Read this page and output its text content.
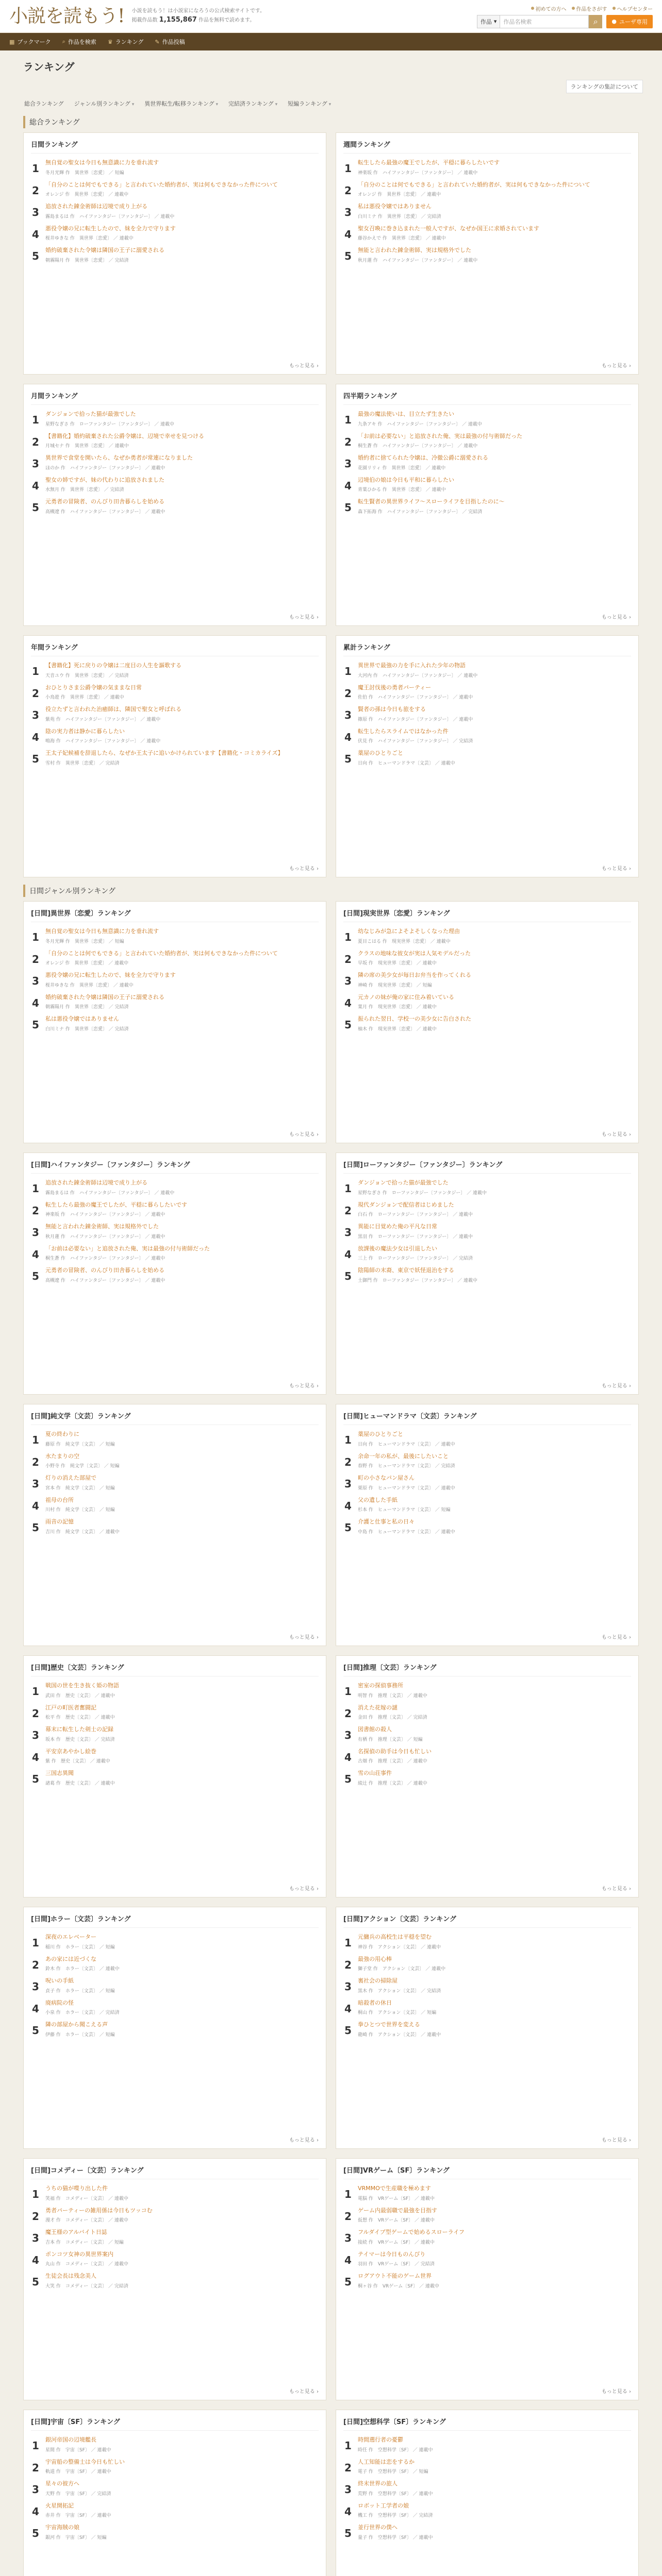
小説を読もう! 小説を読もう！は小説家になろうの公式検索サイトです。
掲載作品数 1,155,867 作品を無料で読めます。
初めての方へ 作品をさがす ヘルプセンター
作品 ▾	作品名検索	⌕ ● ユーザ専用
▦ ブックマーク ⌕ 作品を検索 ♛ ランキング ✎ 作品投稿
ランキング
ランキングの集計について
総合ランキング ジャンル別ランキング ▾	異世界転生/転移ランキング ▾	完結済ランキング ▾	短編ランキング ▾
総合ランキング
日間ランキング
1 無自覚の聖女は今日も無意識に力を垂れ流す
冬月光輝 作　異世界〔恋愛〕 ／ 短編
2 「自分のことは何でもできる」と言われていた婚約者が、実は何もできなかった件について
オレンジ 作　異世界〔恋愛〕 ／ 連載中
3 追放された錬金術師は辺境で成り上がる
霧島まるは 作　ハイファンタジー〔ファンタジー〕 ／ 連載中
4 悪役令嬢の兄に転生したので、妹を全力で守ります
桜井ゆきな 作　異世界〔恋愛〕 ／ 連載中
5 婚約破棄された令嬢は隣国の王子に溺愛される
朝霧陽月 作　異世界〔恋愛〕 ／ 完結済
もっと見る ›
週間ランキング
1 転生したら最強の魔王でしたが、平穏に暮らしたいです
神楽坂 作　ハイファンタジー〔ファンタジー〕 ／ 連載中
2 「自分のことは何でもできる」と言われていた婚約者が、実は何もできなかった件について
オレンジ 作　異世界〔恋愛〕 ／ 連載中
3 私は悪役令嬢ではありません
白川ミナ 作　異世界〔恋愛〕 ／ 完結済
4 聖女召喚に巻き込まれた一般人ですが、なぜか国王に求婚されています
藤谷かえで 作　異世界〔恋愛〕 ／ 連載中
5 無能と言われた錬金術師、実は規格外でした
秋月蓮 作　ハイファンタジー〔ファンタジー〕 ／ 連載中
もっと見る ›
月間ランキング
1 ダンジョンで拾った猫が最強でした
星野なぎさ 作　ローファンタジー〔ファンタジー〕 ／ 連載中
2 【書籍化】婚約破棄された公爵令嬢は、辺境で幸せを見つける
月城セナ 作　異世界〔恋愛〕 ／ 連載中
3 異世界で食堂を開いたら、なぜか勇者が常連になりました
ほのか 作　ハイファンタジー〔ファンタジー〕 ／ 連載中
4 聖女の姉ですが、妹の代わりに追放されました
水無月 作　異世界〔恋愛〕 ／ 完結済
5 元勇者の冒険者、のんびり田舎暮らしを始める
高槻遼 作　ハイファンタジー〔ファンタジー〕 ／ 連載中
もっと見る ›
四半期ランキング
1 最強の魔法使いは、目立たず生きたい
九条アキ 作　ハイファンタジー〔ファンタジー〕 ／ 連載中
2 「お前は必要ない」と追放された俺、実は最強の付与術師だった
桐生蒼 作　ハイファンタジー〔ファンタジー〕 ／ 連載中
3 婚約者に捨てられた令嬢は、冷徹公爵に溺愛される
花園リリィ 作　異世界〔恋愛〕 ／ 連載中
4 辺境伯の娘は今日も平和に暮らしたい
青葉ひかる 作　異世界〔恋愛〕 ／ 連載中
5 転生賢者の異世界ライフ～スローライフを目指したのに～
森下拓海 作　ハイファンタジー〔ファンタジー〕 ／ 完結済
もっと見る ›
年間ランキング
1 【書籍化】死に戻りの令嬢は二度目の人生を謳歌する
天音ユウ 作　異世界〔恋愛〕 ／ 完結済
2 おひとりさま公爵令嬢の気ままな日常
小鳥遊 作　異世界〔恋愛〕 ／ 連載中
3 役立たずと言われた治癒師は、隣国で聖女と呼ばれる
紫苑 作　ハイファンタジー〔ファンタジー〕 ／ 連載中
4 陰の実力者は静かに暮らしたい
鳴海 作　ハイファンタジー〔ファンタジー〕 ／ 連載中
5 王太子妃候補を辞退したら、なぜか王太子に追いかけられています【書籍化・コミカライズ】
雪村 作　異世界〔恋愛〕 ／ 完結済
もっと見る ›
累計ランキング
1 異世界で最強の力を手に入れた少年の物語
大河内 作　ハイファンタジー〔ファンタジー〕 ／ 連載中
2 魔王討伐後の勇者パーティー
佐伯 作　ハイファンタジー〔ファンタジー〕 ／ 連載中
3 賢者の孫は今日も旅をする
篠原 作　ハイファンタジー〔ファンタジー〕 ／ 連載中
4 転生したらスライムではなかった件
伏見 作　ハイファンタジー〔ファンタジー〕 ／ 完結済
5 薬屋のひとりごと
日向 作　ヒューマンドラマ〔文芸〕 ／ 連載中
もっと見る ›
日間ジャンル別ランキング
[日間]異世界〔恋愛〕ランキング
1 無自覚の聖女は今日も無意識に力を垂れ流す
冬月光輝 作　異世界〔恋愛〕 ／ 短編
2 「自分のことは何でもできる」と言われていた婚約者が、実は何もできなかった件について
オレンジ 作　異世界〔恋愛〕 ／ 連載中
3 悪役令嬢の兄に転生したので、妹を全力で守ります
桜井ゆきな 作　異世界〔恋愛〕 ／ 連載中
4 婚約破棄された令嬢は隣国の王子に溺愛される
朝霧陽月 作　異世界〔恋愛〕 ／ 完結済
5 私は悪役令嬢ではありません
白川ミナ 作　異世界〔恋愛〕 ／ 完結済
もっと見る ›
[日間]現実世界〔恋愛〕ランキング
1 幼なじみが急によそよそしくなった理由
夏目こはる 作　現実世界〔恋愛〕 ／ 連載中
2 クラスの地味な彼女が実は人気モデルだった
早坂 作　現実世界〔恋愛〕 ／ 連載中
3 隣の席の美少女が毎日お弁当を作ってくれる
神崎 作　現実世界〔恋愛〕 ／ 短編
4 元カノの妹が俺の家に住み着いている
葉月 作　現実世界〔恋愛〕 ／ 連載中
5 振られた翌日、学校一の美少女に告白された
柚木 作　現実世界〔恋愛〕 ／ 連載中
もっと見る ›
[日間]ハイファンタジー〔ファンタジー〕ランキング
1 追放された錬金術師は辺境で成り上がる
霧島まるは 作　ハイファンタジー〔ファンタジー〕 ／ 連載中
2 転生したら最強の魔王でしたが、平穏に暮らしたいです
神楽坂 作　ハイファンタジー〔ファンタジー〕 ／ 連載中
3 無能と言われた錬金術師、実は規格外でした
秋月蓮 作　ハイファンタジー〔ファンタジー〕 ／ 連載中
4 「お前は必要ない」と追放された俺、実は最強の付与術師だった
桐生蒼 作　ハイファンタジー〔ファンタジー〕 ／ 連載中
5 元勇者の冒険者、のんびり田舎暮らしを始める
高槻遼 作　ハイファンタジー〔ファンタジー〕 ／ 連載中
もっと見る ›
[日間]ローファンタジー〔ファンタジー〕ランキング
1 ダンジョンで拾った猫が最強でした
星野なぎさ 作　ローファンタジー〔ファンタジー〕 ／ 連載中
2 現代ダンジョンで配信者はじめました
白石 作　ローファンタジー〔ファンタジー〕 ／ 連載中
3 異能に目覚めた俺の平凡な日常
黒羽 作　ローファンタジー〔ファンタジー〕 ／ 連載中
4 放課後の魔法少女は引退したい
三上 作　ローファンタジー〔ファンタジー〕 ／ 完結済
5 陰陽師の末裔、東京で妖怪退治をする
土御門 作　ローファンタジー〔ファンタジー〕 ／ 連載中
もっと見る ›
[日間]純文学〔文芸〕ランキング
1 夏の終わりに
藤原 作　純文学〔文芸〕 ／ 短編
2 水たまりの空
小野寺 作　純文学〔文芸〕 ／ 短編
3 灯りの消えた部屋で
宮本 作　純文学〔文芸〕 ／ 短編
4 祖母の台所
川村 作　純文学〔文芸〕 ／ 短編
5 雨音の記憶
吉川 作　純文学〔文芸〕 ／ 連載中
もっと見る ›
[日間]ヒューマンドラマ〔文芸〕ランキング
1 薬屋のひとりごと
日向 作　ヒューマンドラマ〔文芸〕 ／ 連載中
2 余命一年の私が、最後にしたいこと
春野 作　ヒューマンドラマ〔文芸〕 ／ 完結済
3 町の小さなパン屋さん
栗原 作　ヒューマンドラマ〔文芸〕 ／ 連載中
4 父の遺した手紙
杉本 作　ヒューマンドラマ〔文芸〕 ／ 短編
5 介護と仕事と私の日々
中島 作　ヒューマンドラマ〔文芸〕 ／ 連載中
もっと見る ›
[日間]歴史〔文芸〕ランキング
1 戦国の世を生き抜く姫の物語
武田 作　歴史〔文芸〕 ／ 連載中
2 江戸の町医者奮闘記
松平 作　歴史〔文芸〕 ／ 連載中
3 幕末に転生した剣士の記録
坂本 作　歴史〔文芸〕 ／ 完結済
4 平安京あやかし絵巻
紫 作　歴史〔文芸〕 ／ 連載中
5 三国志異聞
諸葛 作　歴史〔文芸〕 ／ 連載中
もっと見る ›
[日間]推理〔文芸〕ランキング
1 密室の探偵事務所
明智 作　推理〔文芸〕 ／ 連載中
2 消えた花嫁の謎
金田 作　推理〔文芸〕 ／ 完結済
3 図書館の殺人
有栖 作　推理〔文芸〕 ／ 短編
4 名探偵の助手は今日も忙しい
古畑 作　推理〔文芸〕 ／ 連載中
5 雪の山荘事件
綾辻 作　推理〔文芸〕 ／ 連載中
もっと見る ›
[日間]ホラー〔文芸〕ランキング
1 深夜のエレベーター
稲川 作　ホラー〔文芸〕 ／ 短編
2 あの家には近づくな
鈴木 作　ホラー〔文芸〕 ／ 連載中
3 呪いの手紙
貞子 作　ホラー〔文芸〕 ／ 短編
4 廃病院の怪
小泉 作　ホラー〔文芸〕 ／ 完結済
5 隣の部屋から聞こえる声
伊藤 作　ホラー〔文芸〕 ／ 短編
もっと見る ›
[日間]アクション〔文芸〕ランキング
1 元傭兵の高校生は平穏を望む
神谷 作　アクション〔文芸〕 ／ 連載中
2 最強の用心棒
獅子堂 作　アクション〔文芸〕 ／ 連載中
3 裏社会の掃除屋
黒木 作　アクション〔文芸〕 ／ 完結済
4 暗殺者の休日
桐山 作　アクション〔文芸〕 ／ 短編
5 拳ひとつで世界を変える
龍崎 作　アクション〔文芸〕 ／ 連載中
もっと見る ›
[日間]コメディー〔文芸〕ランキング
1 うちの猫が喋り出した件
笑福 作　コメディー〔文芸〕 ／ 連載中
2 勇者パーティーの雑用係は今日もツッコむ
漫才 作　コメディー〔文芸〕 ／ 連載中
3 魔王様のアルバイト日誌
吉本 作　コメディー〔文芸〕 ／ 短編
4 ポンコツ女神の異世界案内
丸山 作　コメディー〔文芸〕 ／ 連載中
5 生徒会長は残念美人
大笑 作　コメディー〔文芸〕 ／ 完結済
もっと見る ›
[日間]VRゲーム〔SF〕ランキング
1 VRMMOで生産職を極めます
電脳 作　VRゲーム〔SF〕 ／ 連載中
2 ゲーム内最弱職で最強を目指す
仮想 作　VRゲーム〔SF〕 ／ 連載中
3 フルダイブ型ゲームで始めるスローライフ
接続 作　VRゲーム〔SF〕 ／ 連載中
4 テイマーは今日ものんびり
羽田 作　VRゲーム〔SF〕 ／ 完結済
5 ログアウト不能のゲーム世界
桐ヶ谷 作　VRゲーム〔SF〕 ／ 連載中
もっと見る ›
[日間]宇宙〔SF〕ランキング
1 銀河帝国の辺境艦長
星間 作　宇宙〔SF〕 ／ 連載中
2 宇宙船の整備士は今日も忙しい
軌道 作　宇宙〔SF〕 ／ 連載中
3 星々の彼方へ
天野 作　宇宙〔SF〕 ／ 完結済
4 火星開拓記
赤井 作　宇宙〔SF〕 ／ 連載中
5 宇宙海賊の娘
銀河 作　宇宙〔SF〕 ／ 短編
[日間]空想科学〔SF〕ランキング
1 時間遡行者の憂鬱
時任 作　空想科学〔SF〕 ／ 連載中
2 人工知能は恋をするか
電子 作　空想科学〔SF〕 ／ 短編
3 終末世界の旅人
荒野 作　空想科学〔SF〕 ／ 連載中
4 ロボット工学者の娘
機工 作　空想科学〔SF〕 ／ 完結済
5 並行世界の僕へ
量子 作　空想科学〔SF〕 ／ 連載中
